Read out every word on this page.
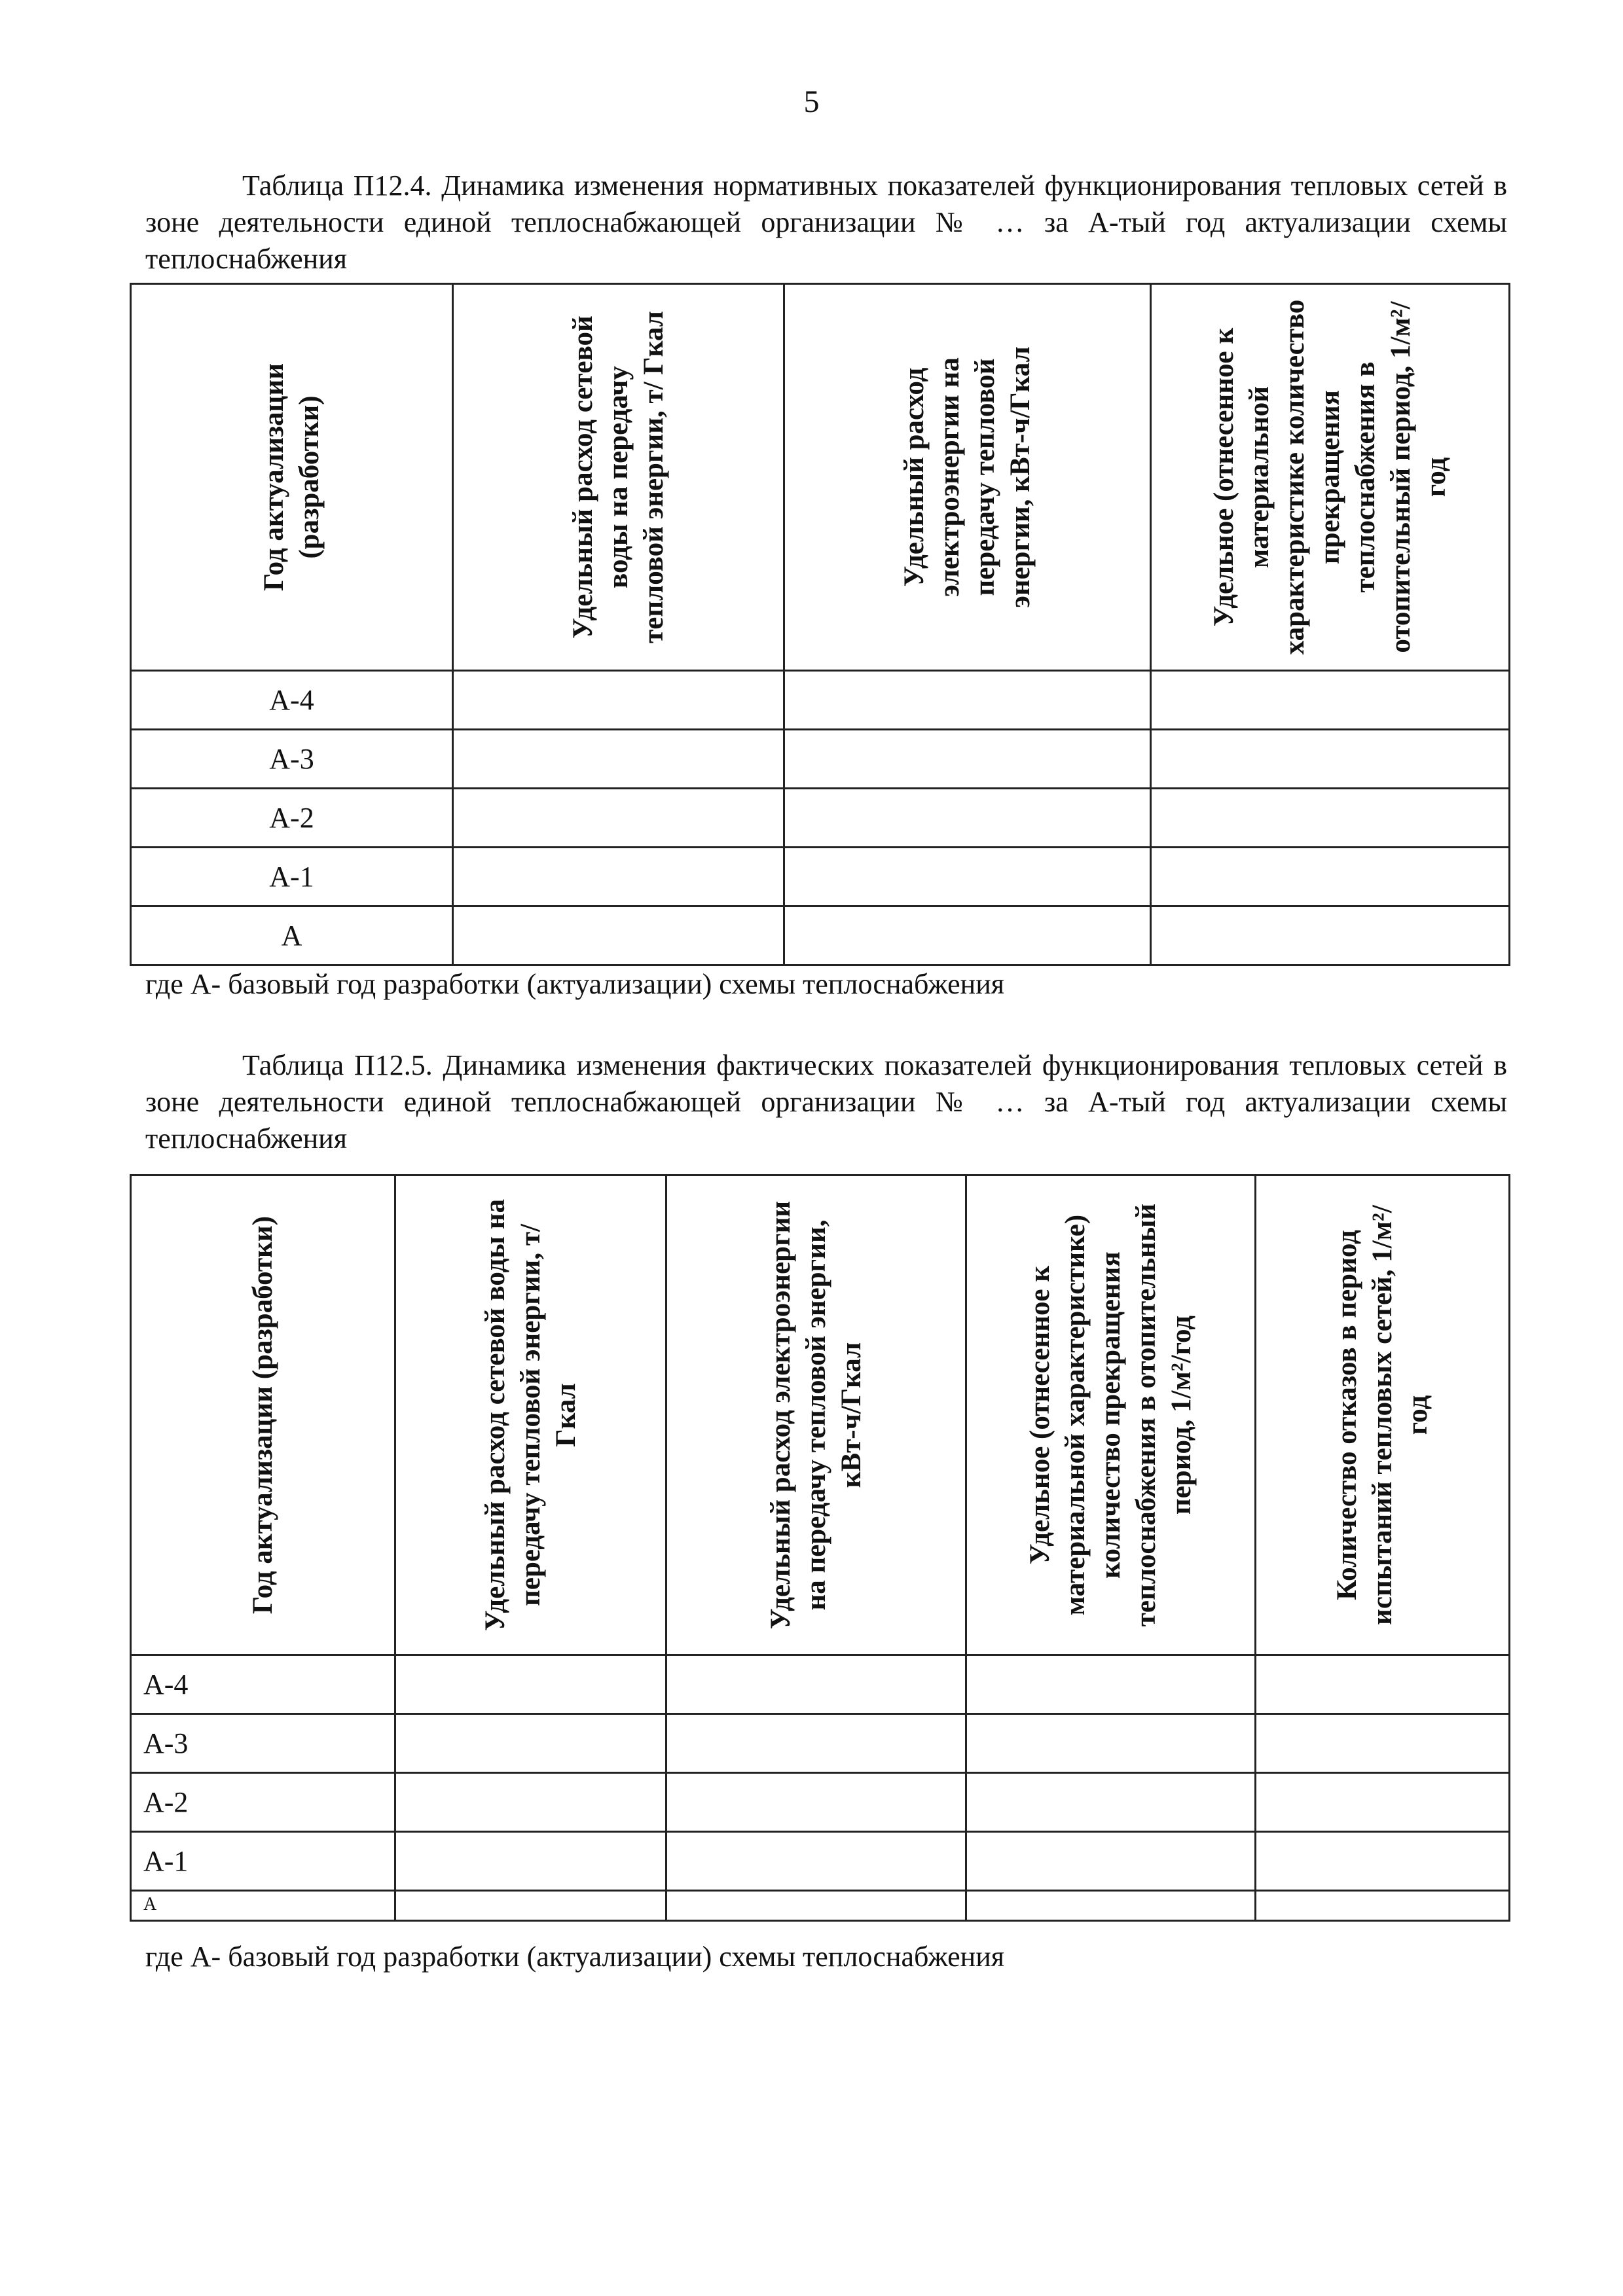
5
Таблица П12.4. Динамика изменения нормативных показателей функционирования тепловых сетей в зоне деятельности единой теплоснабжающей организации № … за А-тый год актуализации схемы теплоснабжения
Год актуализации (разработки)	Удельный расход сетевой воды на передачу тепловой энергии, т/ Гкал	Удельный расход электроэнергии на передачу тепловой энергии, кВт-ч/Гкал	Удельное (отнесенное к материальной характеристике количество прекращения теплоснабжения в отопительный период, 1/м²/год

А-4			
А-3			
А-2			
А-1			
А			
где А- базовый год разработки (актуализации) схемы теплоснабжения
Таблица П12.5. Динамика изменения фактических показателей функционирования тепловых сетей в зоне деятельности единой теплоснабжающей организации № … за А-тый год актуализации схемы теплоснабжения
Год актуализации (разработки)	Удельный расход сетевой воды на передачу тепловой энергии, т/ Гкал	Удельный расход электроэнергии на передачу тепловой энергии, кВт-ч/Гкал	Удельное (отнесенное к материальной характеристике) количество прекращения теплоснабжения в отопительный период, 1/м²/год	Количество отказов в период испытаний тепловых сетей, 1/м²/год

А-4				
А-3				
А-2				
А-1				
А				
где А- базовый год разработки (актуализации) схемы теплоснабжения
